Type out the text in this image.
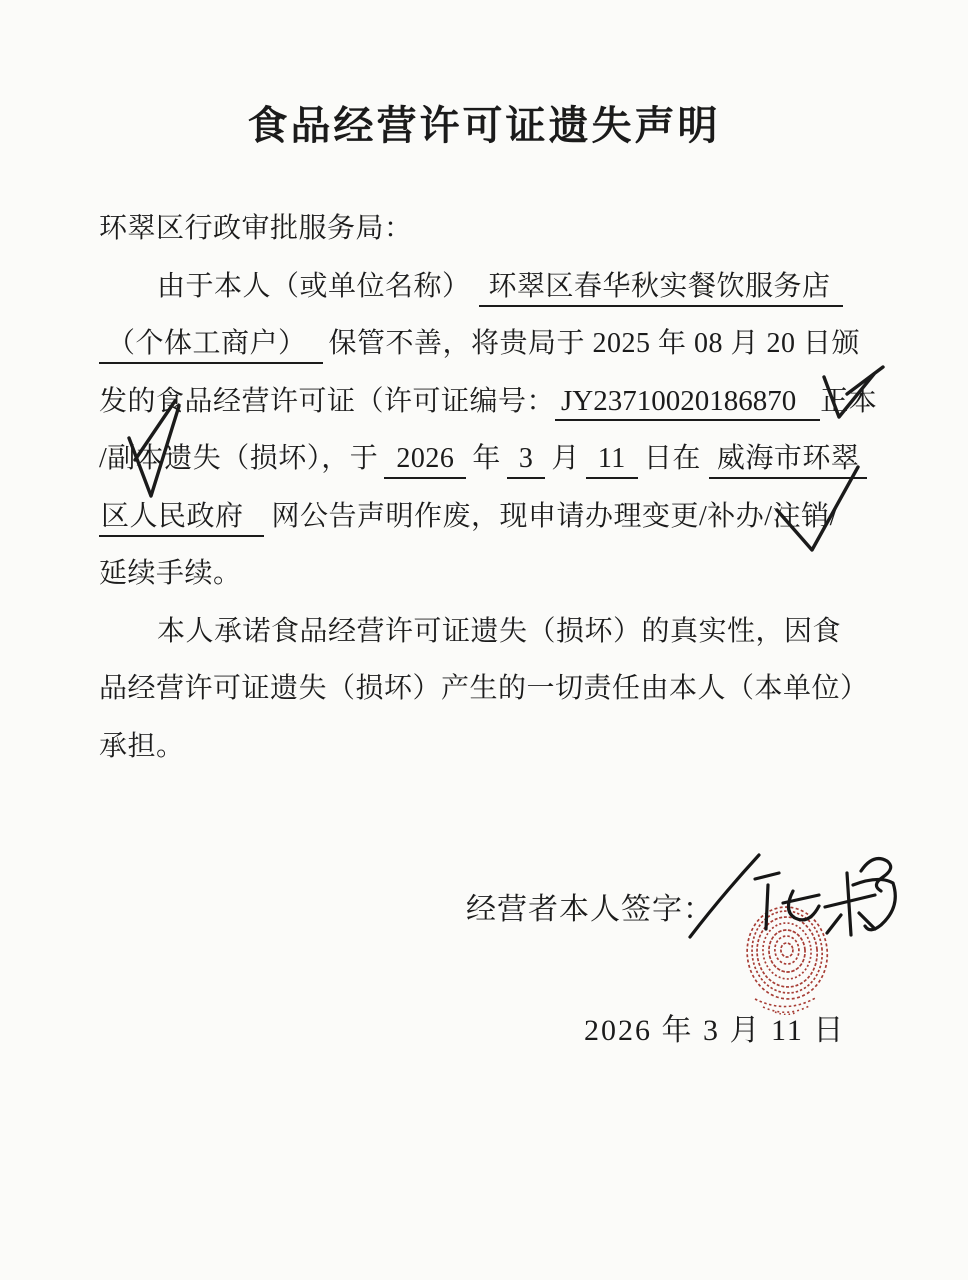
食品经营许可证遗失声明

环翠区行政审批服务局：

由于本人（或单位名称） 环翠区春华秋实餐饮服务店

（个体工商户） 保管不善，将贵局于 2025 年 08 月 20 日颁

发的食品经营许可证（许可证编号： JY23710020186870 正本

/副本
遗失（损坏），于 2026 年 3 月 11 日在 威海市环翠

区人民政府 网公告声明作废，现申请办理变更/补办/注销
/

延续手续。

本人承诺食品经营许可证遗失（损坏）的真实性，因食

品经营许可证遗失（损坏）产生的一切责任由本人（本单位）

承担。

经营者本人签字：
2026 年 3 月 11 日
